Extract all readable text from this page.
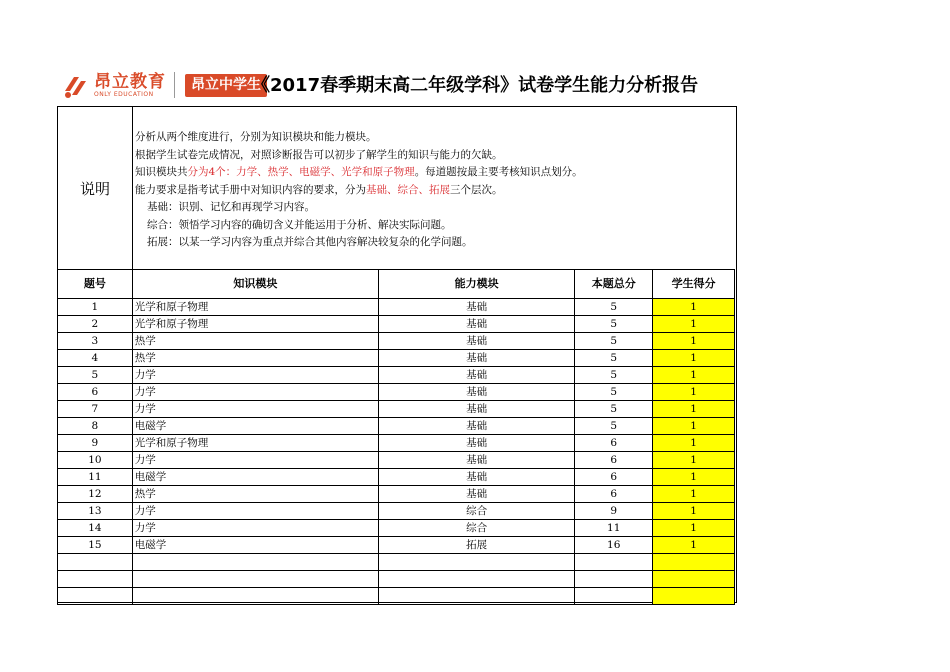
昂立教育
ONLY EDUCATION
昂立中学生
《2017春季期末高二年级学科》试卷学生能力分析报告
说明
分析从两个维度进行，分别为知识模块和能力模块。
根据学生试卷完成情况，对照诊断报告可以初步了解学生的知识与能力的欠缺。
知识模块共分为4个：力学、热学、电磁学、光学和原子物理。每道题按最主要考核知识点划分。
能力要求是指考试手册中对知识内容的要求，分为基础、综合、拓展三个层次。
基础：识别、记忆和再现学习内容。
综合：领悟学习内容的确切含义并能运用于分析、解决实际问题。
拓展：以某一学习内容为重点并综合其他内容解决较复杂的化学问题。
题号	知识模块	能力模块	本题总分	学生得分
1	光学和原子物理	基础	5	1
2	光学和原子物理	基础	5	1
3	热学	基础	5	1
4	热学	基础	5	1
5	力学	基础	5	1
6	力学	基础	5	1
7	力学	基础	5	1
8	电磁学	基础	5	1
9	光学和原子物理	基础	6	1
10	力学	基础	6	1
11	电磁学	基础	6	1
12	热学	基础	6	1
13	力学	综合	9	1
14	力学	综合	11	1
15	电磁学	拓展	16	1
